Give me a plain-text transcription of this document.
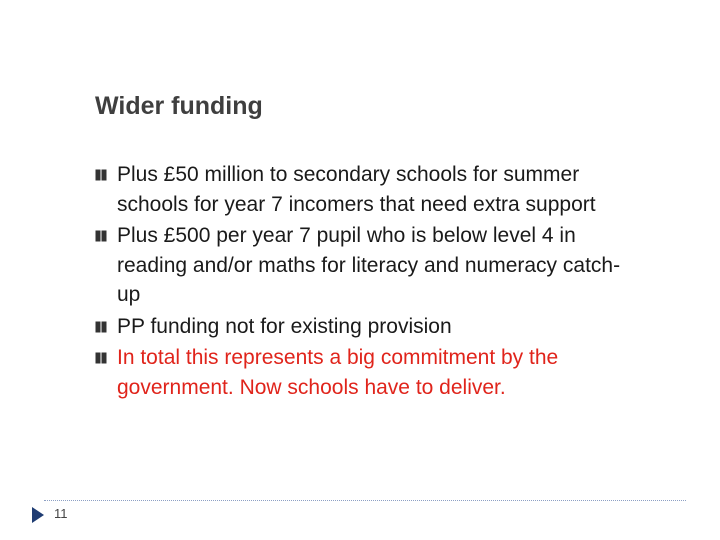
Wider funding
Plus £50 million to secondary schools for summer schools for year 7 incomers that need extra support
Plus £500 per year 7 pupil who is below level 4 in reading and/or maths for literacy and numeracy catch-up
PP funding not for existing provision
In total this represents a big commitment by the government. Now schools have to deliver.
11
